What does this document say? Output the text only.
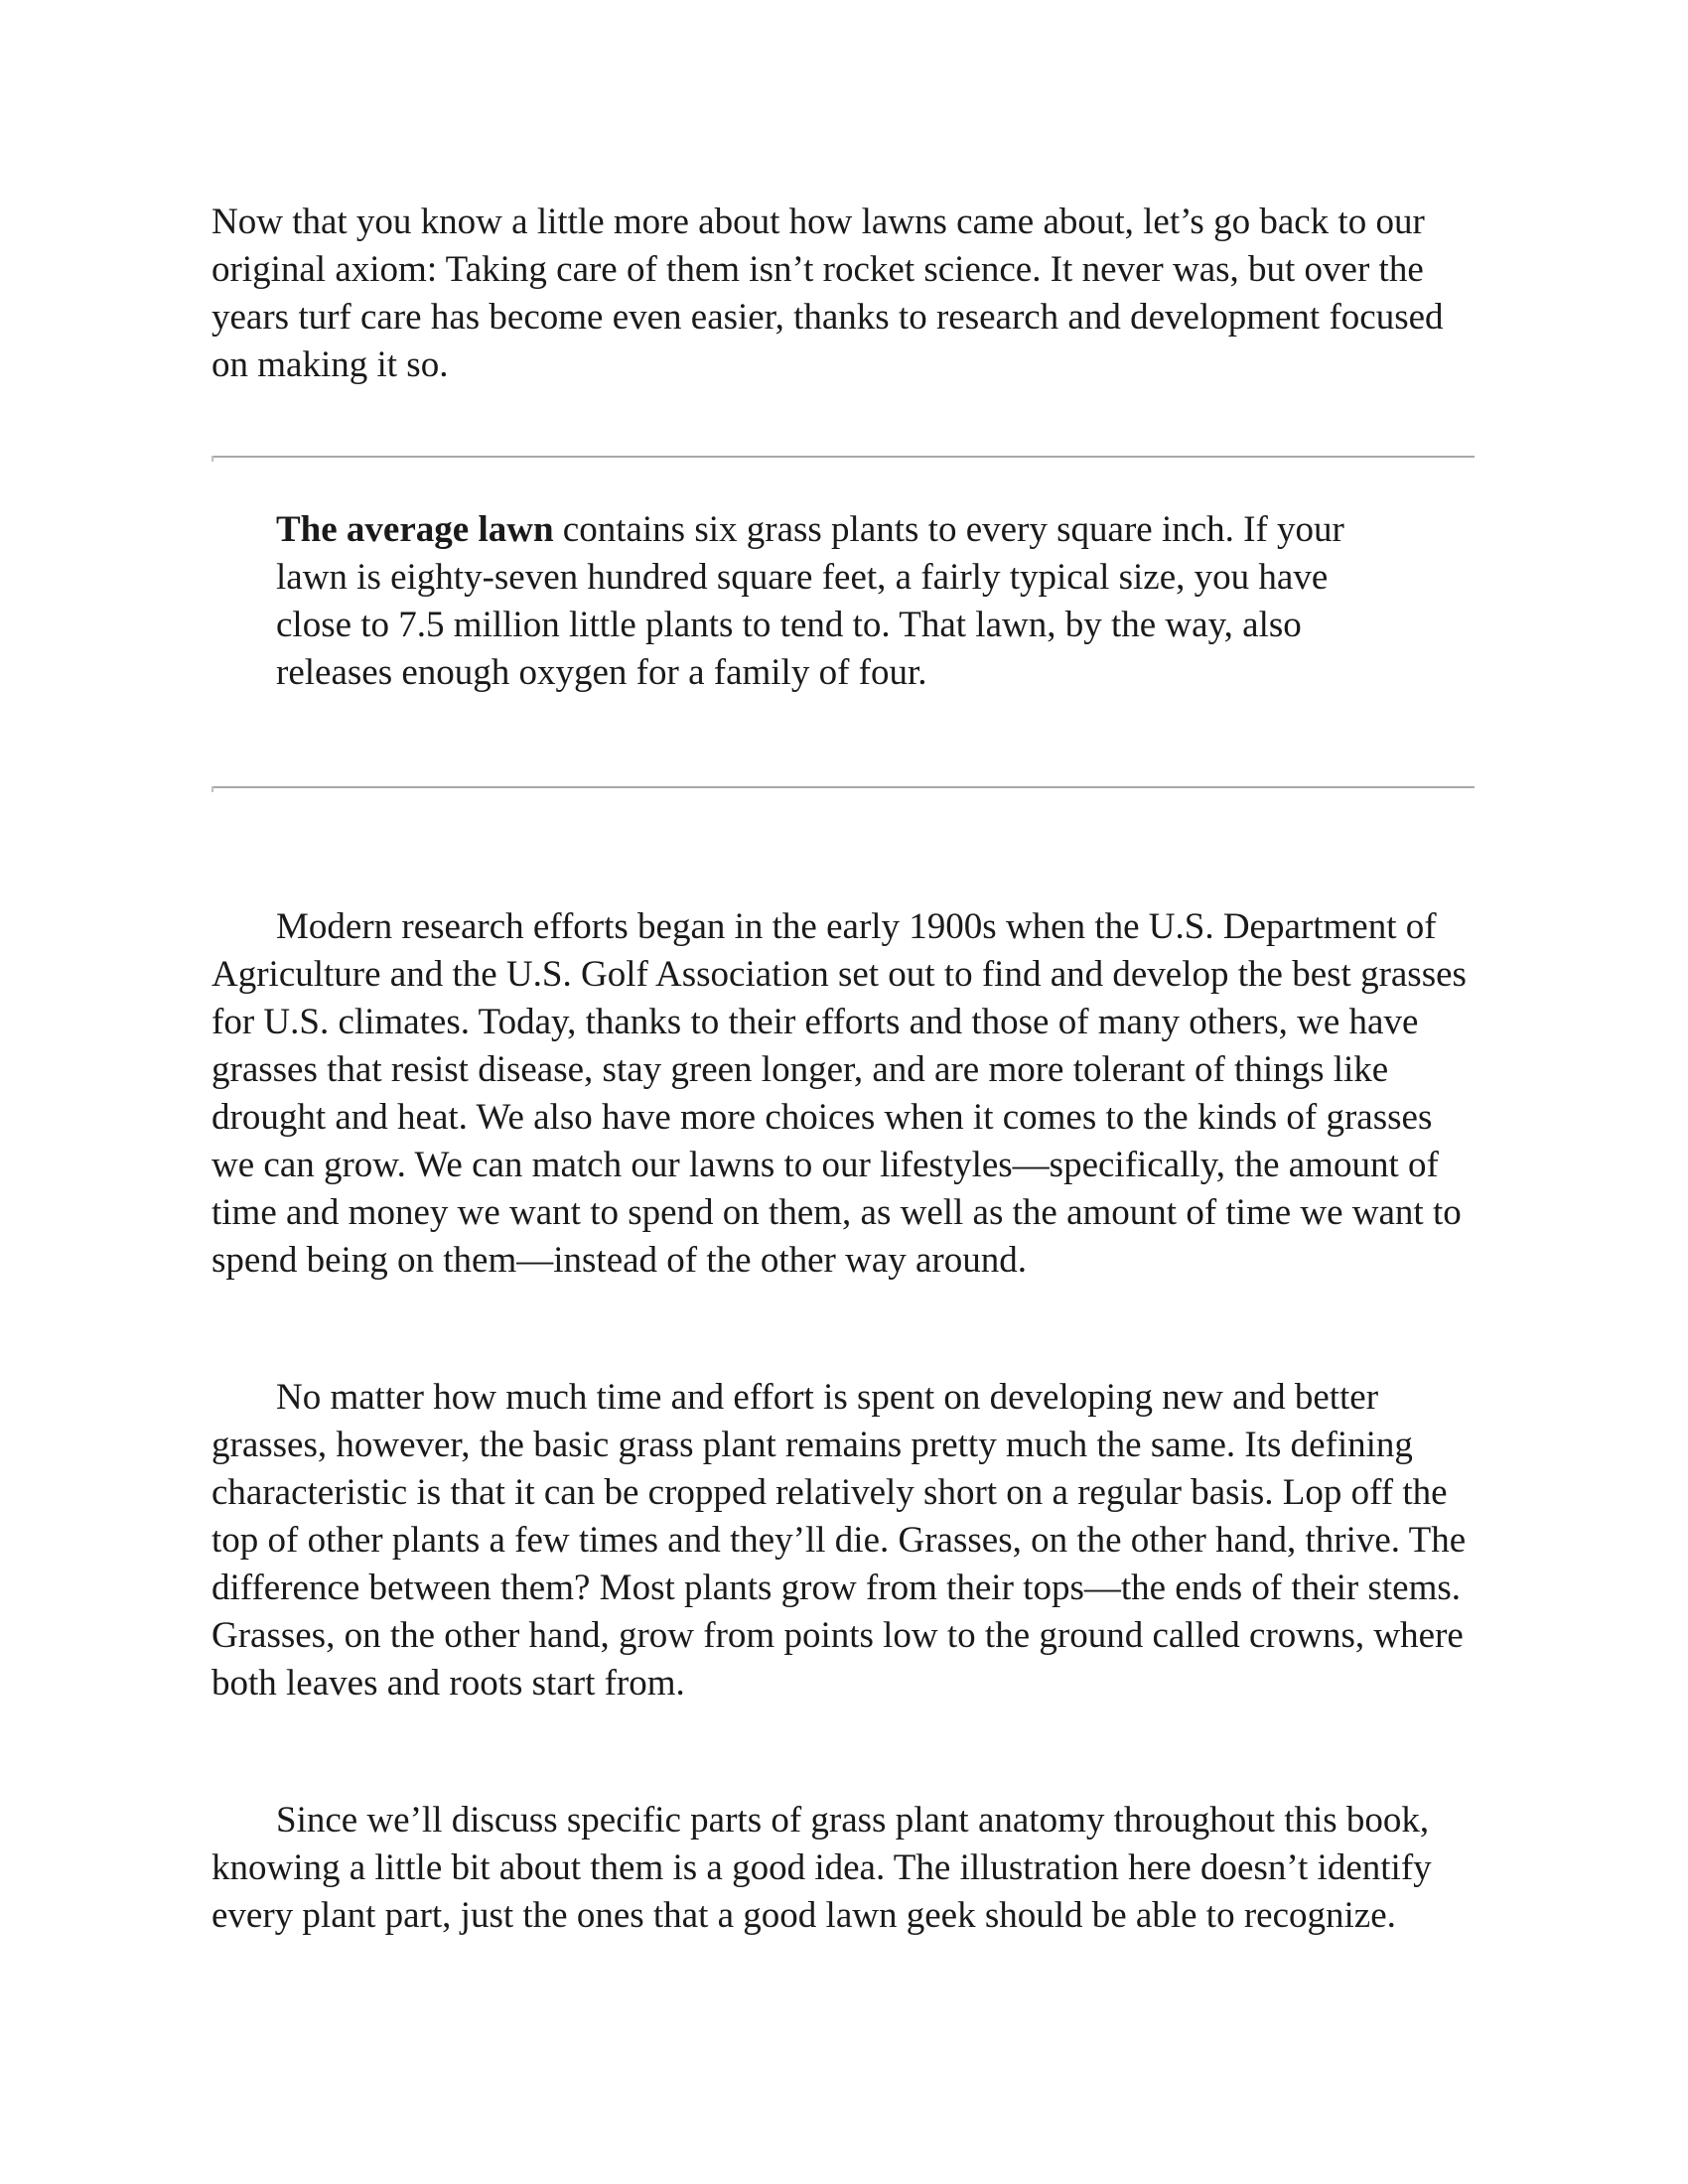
Now that you know a little more about how lawns came about, let’s go back to our original axiom: Taking care of them isn’t rocket science. It never was, but over the years turf care has become even easier, thanks to research and development focused on making it so.

The average lawn contains six grass plants to every square inch. If your lawn is eighty-seven hundred square feet, a fairly typical size, you have close to 7.5 million little plants to tend to. That lawn, by the way, also releases enough oxygen for a family of four.

Modern research efforts began in the early 1900s when the U.S. Department of Agriculture and the U.S. Golf Association set out to find and develop the best grasses for U.S. climates. Today, thanks to their efforts and those of many others, we have grasses that resist disease, stay green longer, and are more tolerant of things like drought and heat. We also have more choices when it comes to the kinds of grasses we can grow. We can match our lawns to our lifestyles—specifically, the amount of time and money we want to spend on them, as well as the amount of time we want to spend being on them—instead of the other way around.

No matter how much time and effort is spent on developing new and better grasses, however, the basic grass plant remains pretty much the same. Its defining characteristic is that it can be cropped relatively short on a regular basis. Lop off the top of other plants a few times and they’ll die. Grasses, on the other hand, thrive. The difference between them? Most plants grow from their tops—the ends of their stems. Grasses, on the other hand, grow from points low to the ground called crowns, where both leaves and roots start from.

Since we’ll discuss specific parts of grass plant anatomy throughout this book, knowing a little bit about them is a good idea. The illustration here doesn’t identify every plant part, just the ones that a good lawn geek should be able to recognize.
